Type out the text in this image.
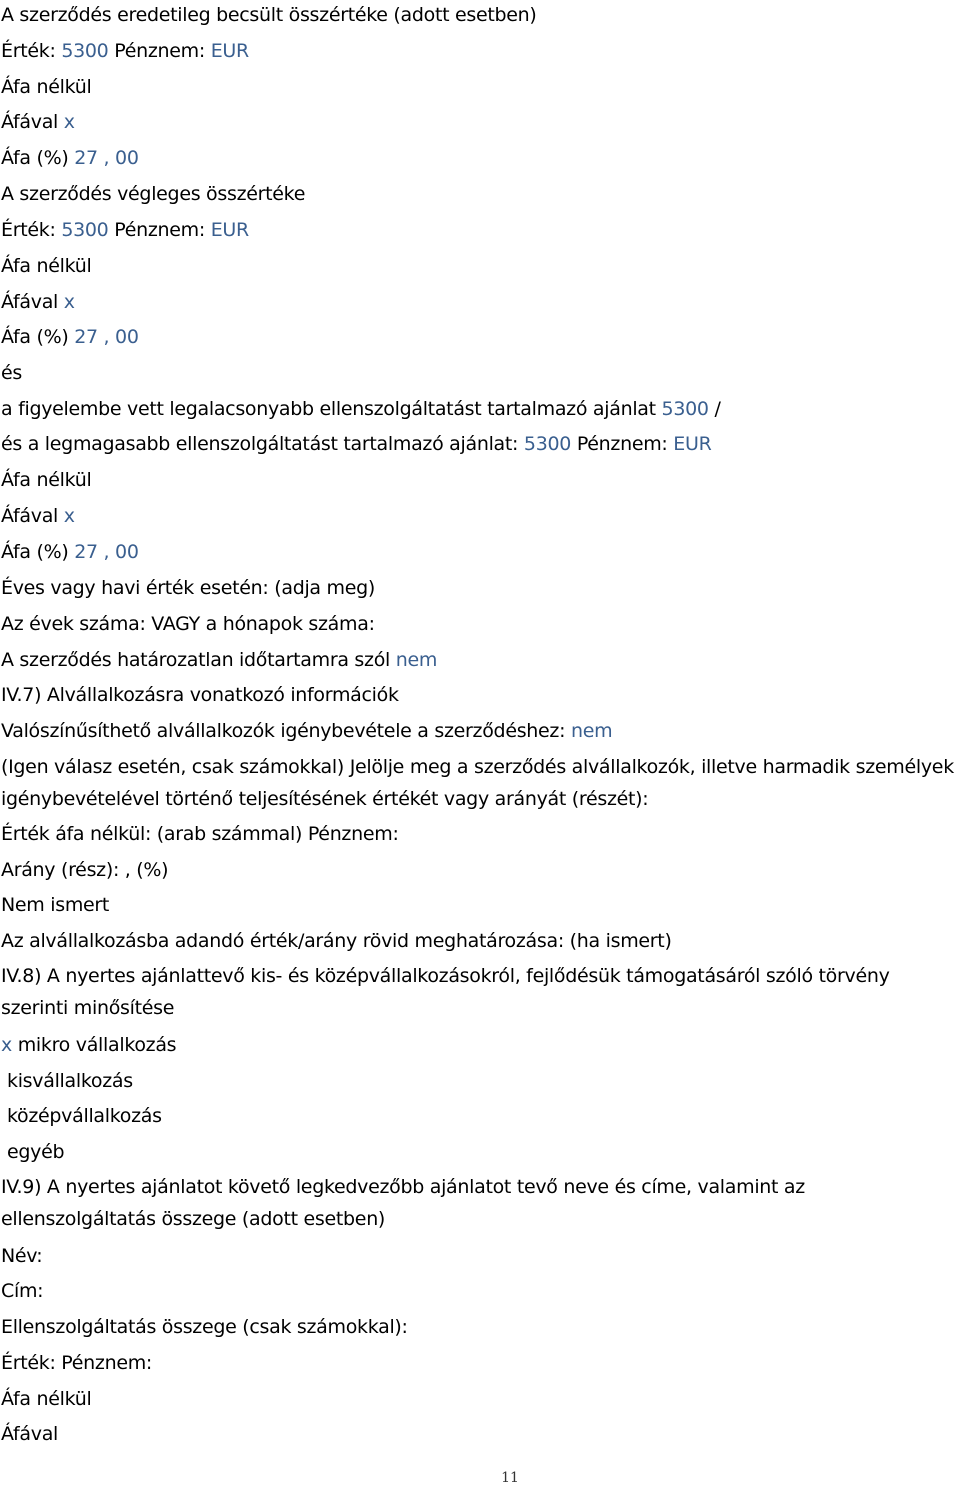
A szerződés eredetileg becsült összértéke (adott esetben)
Érték: 5300 Pénznem: EUR
Áfa nélkül
Áfával x
Áfa (%) 27 , 00
A szerződés végleges összértéke
Érték: 5300 Pénznem: EUR
Áfa nélkül
Áfával x
Áfa (%) 27 , 00
és
a figyelembe vett legalacsonyabb ellenszolgáltatást tartalmazó ajánlat 5300 /
és a legmagasabb ellenszolgáltatást tartalmazó ajánlat: 5300 Pénznem: EUR
Áfa nélkül
Áfával x
Áfa (%) 27 , 00
Éves vagy havi érték esetén: (adja meg)
Az évek száma: VAGY a hónapok száma:
A szerződés határozatlan időtartamra szól nem
IV.7) Alvállalkozásra vonatkozó információk
Valószínűsíthető alvállalkozók igénybevétele a szerződéshez: nem
(Igen válasz esetén, csak számokkal) Jelölje meg a szerződés alvállalkozók, illetve harmadik személyek igénybevételével történő teljesítésének értékét vagy arányát (részét):
Érték áfa nélkül: (arab számmal) Pénznem:
Arány (rész): , (%)
Nem ismert
Az alvállalkozásba adandó érték/arány rövid meghatározása: (ha ismert)
IV.8) A nyertes ajánlattevő kis- és középvállalkozásokról, fejlődésük támogatásáról szóló törvény szerinti minősítése
x mikro vállalkozás
kisvállalkozás
középvállalkozás
egyéb
IV.9) A nyertes ajánlatot követő legkedvezőbb ajánlatot tevő neve és címe, valamint az ellenszolgáltatás összege (adott esetben)
Név:
Cím:
Ellenszolgáltatás összege (csak számokkal):
Érték: Pénznem:
Áfa nélkül
Áfával
11
